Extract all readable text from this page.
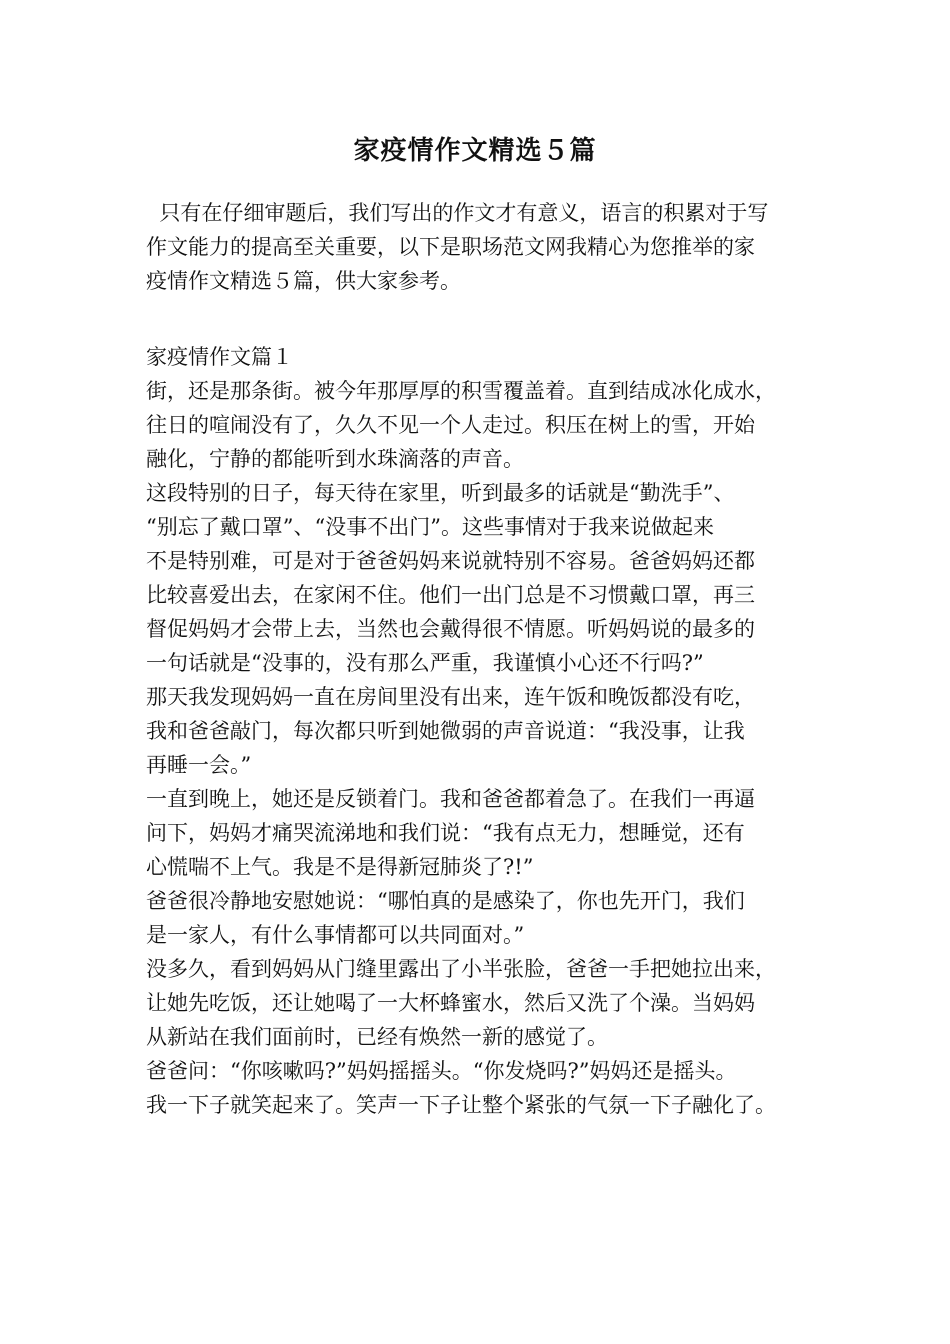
家疫情作文精选５篇
只有在仔细审题后，我们写出的作文才有意义，语言的积累对于写
作文能力的提高至关重要，以下是职场范文网我精心为您推举的家
疫情作文精选５篇，供大家参考。
家疫情作文篇１
街，还是那条街。被今年那厚厚的积雪覆盖着。直到结成冰化成水，
往日的喧闹没有了，久久不见一个人走过。积压在树上的雪，开始
融化，宁静的都能听到水珠滴落的声音。
这段特别的日子，每天待在家里，听到最多的话就是“勤洗手”、
“别忘了戴口罩”、“没事不出门”。这些事情对于我来说做起来
不是特别难，可是对于爸爸妈妈来说就特别不容易。爸爸妈妈还都
比较喜爱出去，在家闲不住。他们一出门总是不习惯戴口罩，再三
督促妈妈才会带上去，当然也会戴得很不情愿。听妈妈说的最多的
一句话就是“没事的，没有那么严重，我谨慎小心还不行吗?”
那天我发现妈妈一直在房间里没有出来，连午饭和晚饭都没有吃，
我和爸爸敲门，每次都只听到她微弱的声音说道：“我没事，让我
再睡一会。”
一直到晚上，她还是反锁着门。我和爸爸都着急了。在我们一再逼
问下，妈妈才痛哭流涕地和我们说：“我有点无力，想睡觉，还有
心慌喘不上气。我是不是得新冠肺炎了?!”
爸爸很冷静地安慰她说：“哪怕真的是感染了，你也先开门，我们
是一家人，有什么事情都可以共同面对。”
没多久，看到妈妈从门缝里露出了小半张脸，爸爸一手把她拉出来，
让她先吃饭，还让她喝了一大杯蜂蜜水，然后又洗了个澡。当妈妈
从新站在我们面前时，已经有焕然一新的感觉了。
爸爸问：“你咳嗽吗?”妈妈摇摇头。“你发烧吗?”妈妈还是摇头。
我一下子就笑起来了。笑声一下子让整个紧张的气氛一下子融化了。
